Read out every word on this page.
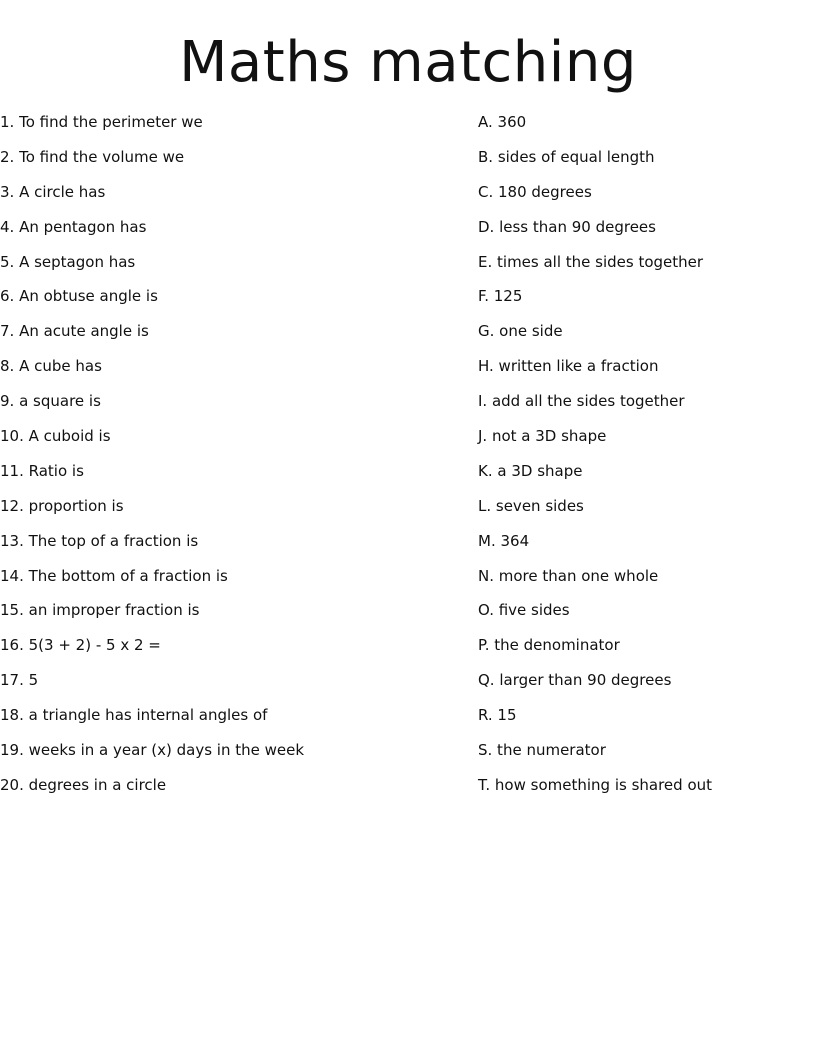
Maths matching
1. To find the perimeter we
2. To find the volume we
3. A circle has
4. An pentagon has
5. A septagon has
6. An obtuse angle is
7. An acute angle is
8. A cube has
9. a square is
10. A cuboid is
11. Ratio is
12. proportion is
13. The top of a fraction is
14. The bottom of a fraction is
15. an improper fraction is
16. 5(3 + 2) - 5 x 2 =
17. 5
18. a triangle has internal angles of
19. weeks in a year (x) days in the week
20. degrees in a circle
A. 360
B. sides of equal length
C. 180 degrees
D. less than 90 degrees
E. times all the sides together
F. 125
G. one side
H. written like a fraction
I. add all the sides together
J. not a 3D shape
K. a 3D shape
L. seven sides
M. 364
N. more than one whole
O. five sides
P. the denominator
Q. larger than 90 degrees
R. 15
S. the numerator
T. how something is shared out
